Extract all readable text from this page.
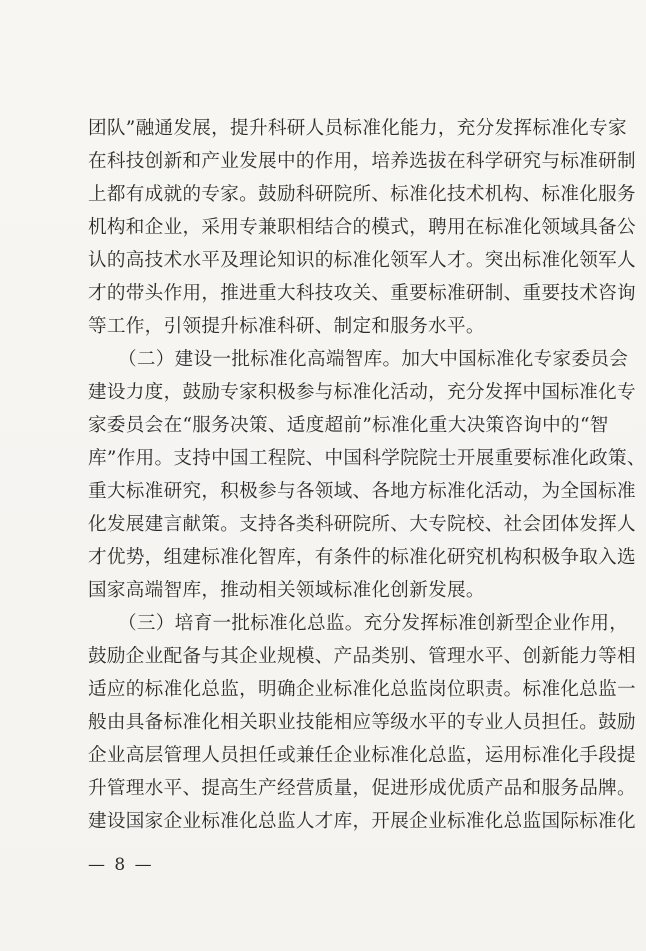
团队”融通发展，提升科研人员标准化能力，充分发挥标准化专家
在科技创新和产业发展中的作用，培养选拔在科学研究与标准研制
上都有成就的专家。鼓励科研院所、标准化技术机构、标准化服务
机构和企业，采用专兼职相结合的模式，聘用在标准化领域具备公
认的高技术水平及理论知识的标准化领军人才。突出标准化领军人
才的带头作用，推进重大科技攻关、重要标准研制、重要技术咨询
等工作，引领提升标准科研、制定和服务水平。
（二）建设一批标准化高端智库。加大中国标准化专家委员会
建设力度，鼓励专家积极参与标准化活动，充分发挥中国标准化专
家委员会在“服务决策、适度超前”标准化重大决策咨询中的“智
库”作用。支持中国工程院、中国科学院院士开展重要标准化政策、
重大标准研究，积极参与各领域、各地方标准化活动，为全国标准
化发展建言献策。支持各类科研院所、大专院校、社会团体发挥人
才优势，组建标准化智库，有条件的标准化研究机构积极争取入选
国家高端智库，推动相关领域标准化创新发展。
（三）培育一批标准化总监。充分发挥标准创新型企业作用，
鼓励企业配备与其企业规模、产品类别、管理水平、创新能力等相
适应的标准化总监，明确企业标准化总监岗位职责。标准化总监一
般由具备标准化相关职业技能相应等级水平的专业人员担任。鼓励
企业高层管理人员担任或兼任企业标准化总监，运用标准化手段提
升管理水平、提高生产经营质量，促进形成优质产品和服务品牌。
建设国家企业标准化总监人才库，开展企业标准化总监国际标准化
— 8 —
